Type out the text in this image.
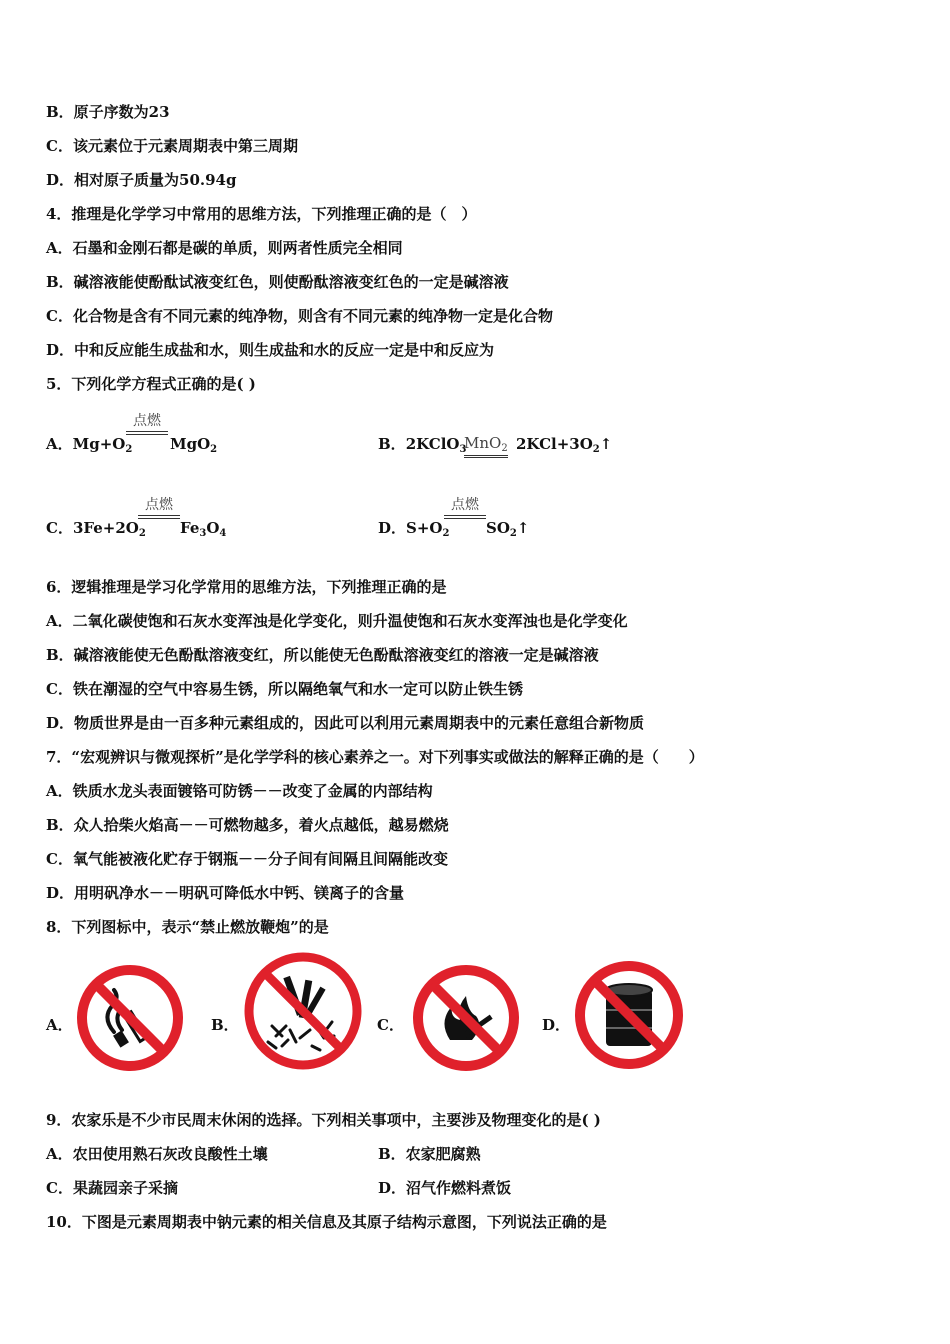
B．原子序数为23
C．该元素位于元素周期表中第三周期
D．相对原子质量为50.94g
4．推理是化学学习中常用的思维方法，下列推理正确的是（　）
A．石墨和金刚石都是碳的单质，则两者性质完全相同
B．碱溶液能使酚酞试液变红色，则使酚酞溶液变红色的一定是碱溶液
C．化合物是含有不同元素的纯净物，则含有不同元素的纯净物一定是化合物
D．中和反应能生成盐和水，则生成盐和水的反应一定是中和反应为
5．下列化学方程式正确的是( )
A．$Mg+O_2$
点燃
MgO$_2$	B．2KClO$_3$
MnO$_2$ $2KCl+3O_2↑$
C．$3Fe+2O_2$
点燃
$Fe_3O_4$	D．$S+O_2$
点燃
$SO_2↑$
6．逻辑推理是学习化学常用的思维方法，下列推理正确的是
A．二氧化碳使饱和石灰水变浑浊是化学变化，则升温使饱和石灰水变浑浊也是化学变化
B．碱溶液能使无色酚酞溶液变红，所以能使无色酚酞溶液变红的溶液一定是碱溶液
C．铁在潮湿的空气中容易生锈，所以隔绝氧气和水一定可以防止铁生锈
D．物质世界是由一百多种元素组成的，因此可以利用元素周期表中的元素任意组合新物质
7．“宏观辨识与微观探析”是化学学科的核心素养之一。对下列事实或做法的解释正确的是（　　）
A．铁质水龙头表面镀铬可防锈－－改变了金属的内部结构
B．众人拾柴火焰高－－可燃物越多，着火点越低，越易燃烧
C．氧气能被液化贮存于钢瓶－－分子间有间隔且间隔能改变
D．用明矾净水－－明矾可降低水中钙、镁离子的含量
8．下列图标中，表示“禁止燃放鞭炮”的是
A．	B．	C．	D．
9．农家乐是不少市民周末休闲的选择。下列相关事项中，主要涉及物理变化的是( )
A．农田使用熟石灰改良酸性土壤	B．农家肥腐熟
C．果蔬园亲子采摘	D．沼气作燃料煮饭
10．下图是元素周期表中钠元素的相关信息及其原子结构示意图，下列说法正确的是
